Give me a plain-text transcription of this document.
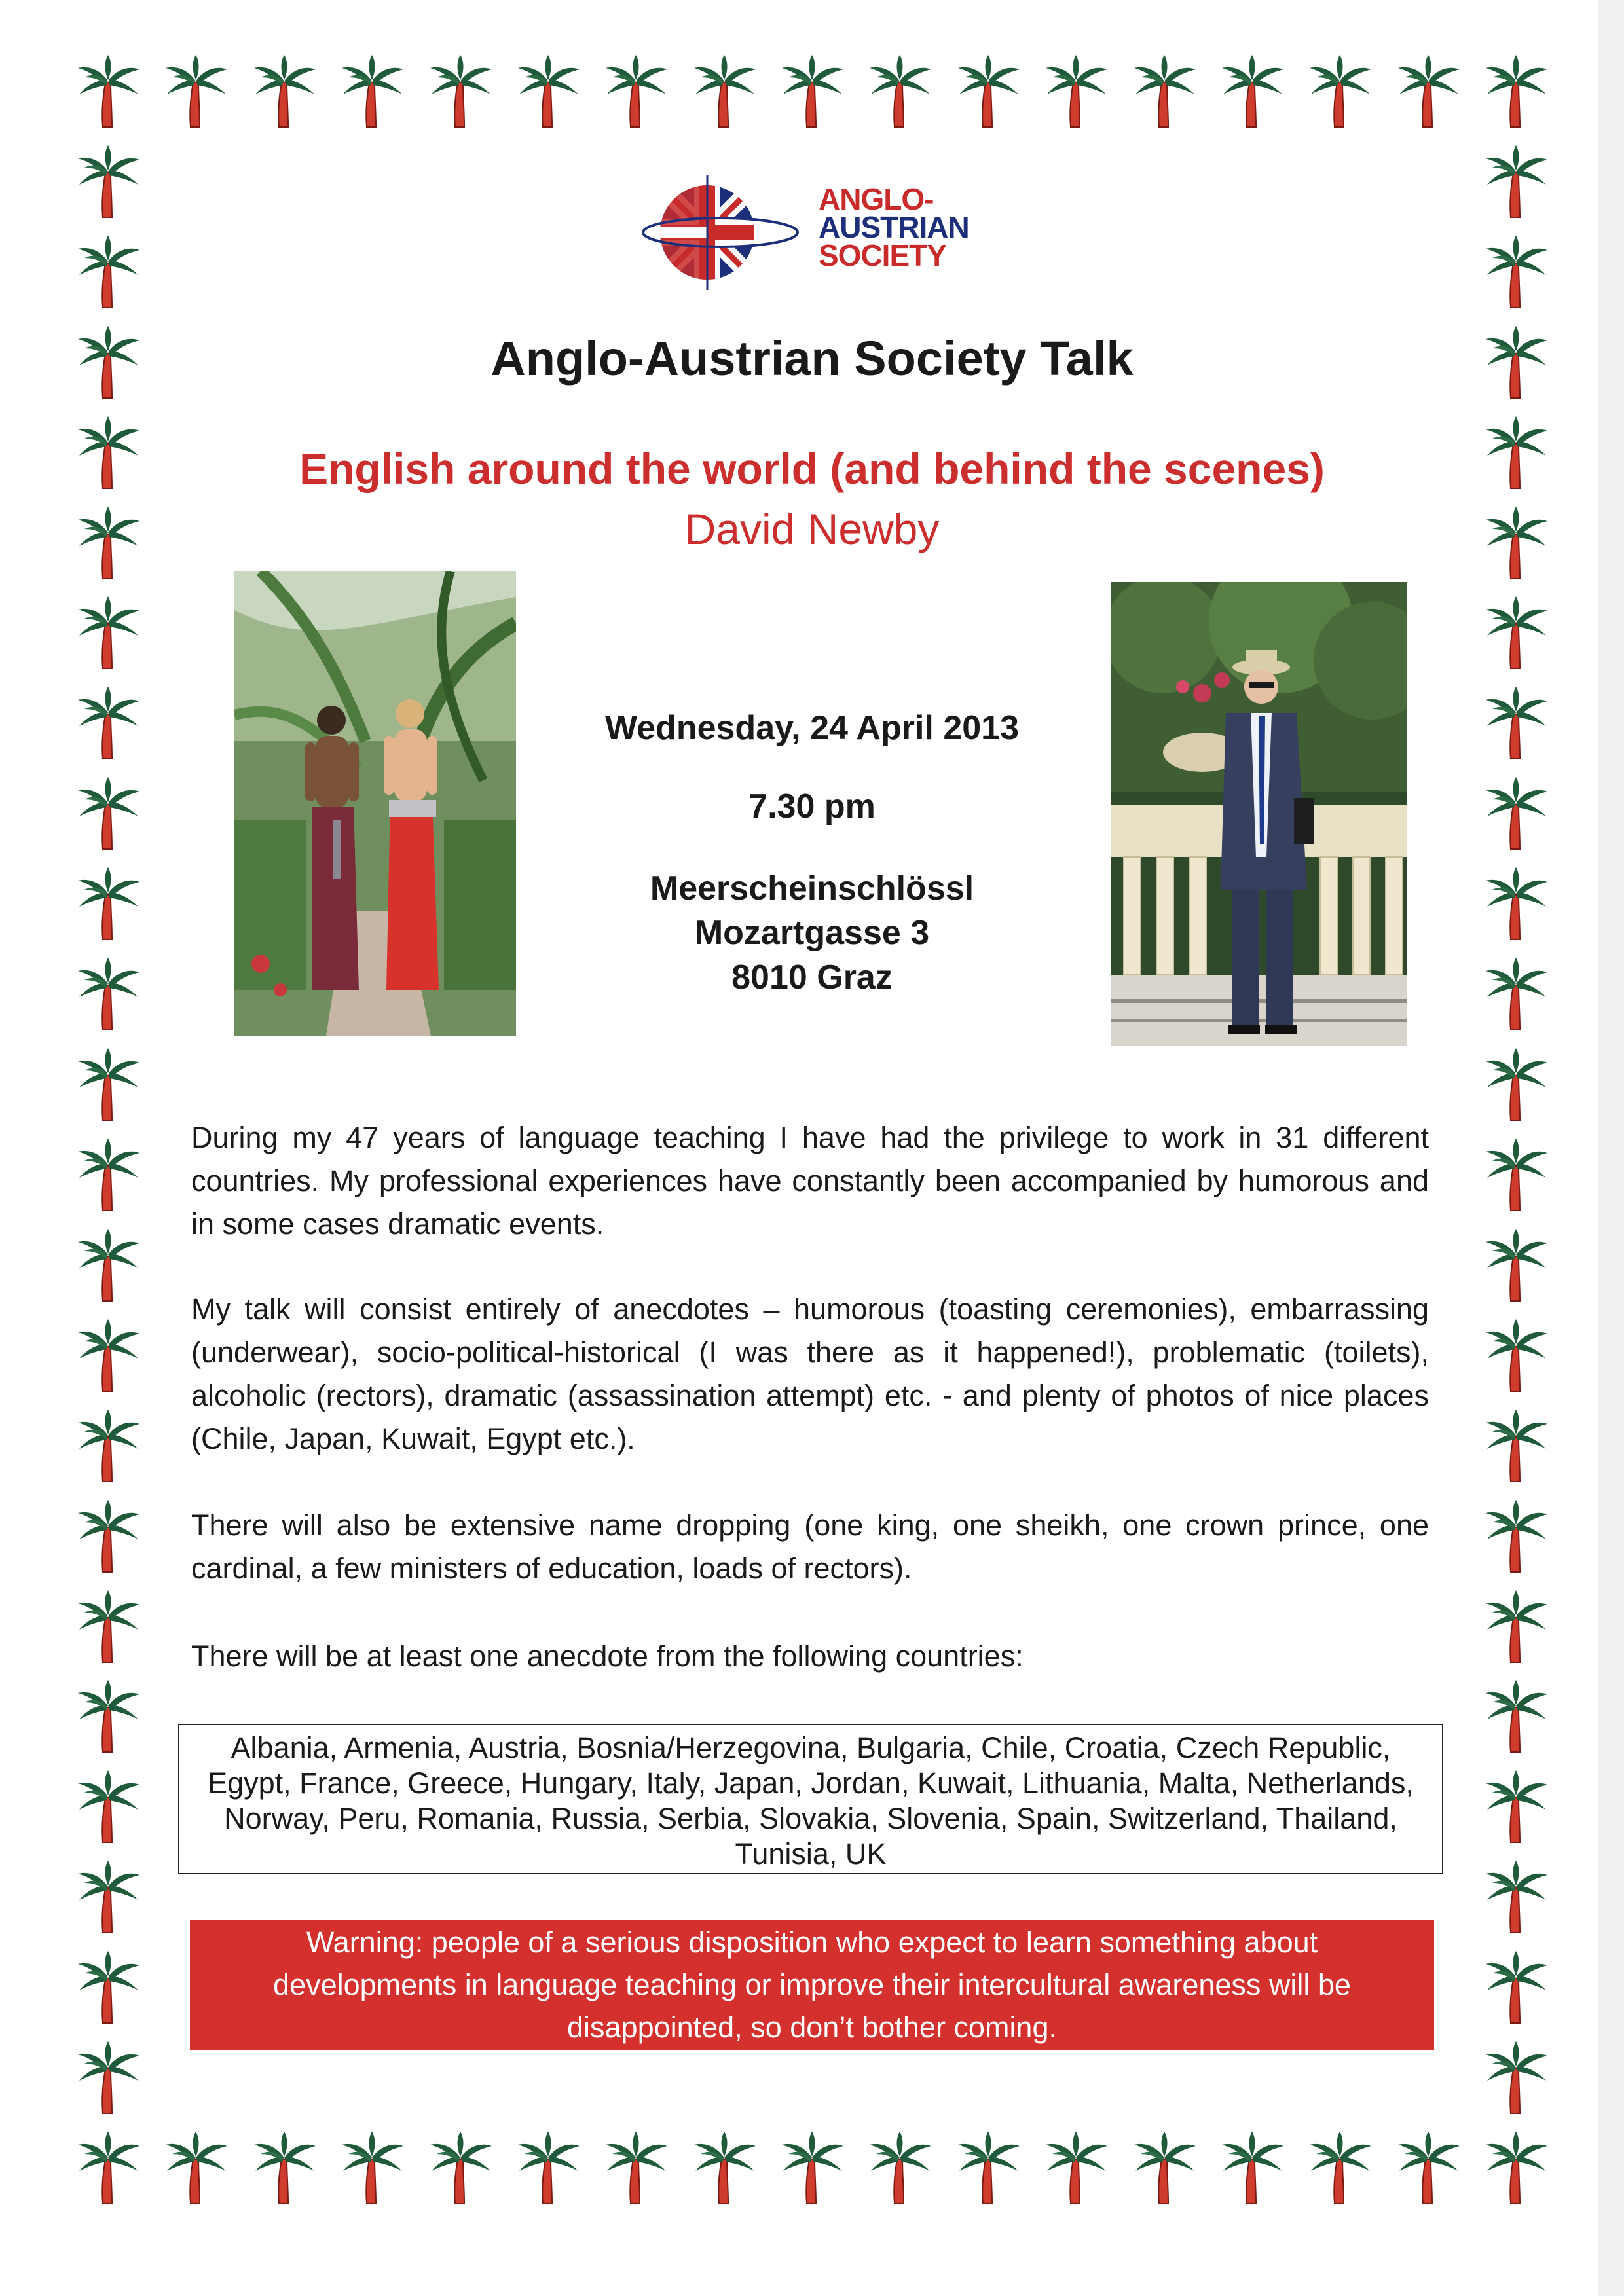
ANGLO-
AUSTRIAN
SOCIETY
Anglo-Austrian Society Talk
English around the world (and behind the scenes)
David Newby
Wednesday, 24 April 2013
7.30 pm
Meerscheinschlössl
Mozartgasse 3
8010 Graz
During my 47 years of language teaching I have had the privilege to work in 31 different countries. My professional experiences have constantly been accompanied by humorous and in some cases dramatic events.
My talk will consist entirely of anecdotes – humorous (toasting ceremonies), embarrassing (underwear), socio-political-historical (I was there as it happened!), problematic (toilets), alcoholic (rectors), dramatic (assassination attempt) etc. - and plenty of photos of nice places (Chile, Japan, Kuwait, Egypt etc.).
There will also be extensive name dropping (one king, one sheikh, one crown prince, one cardinal, a few ministers of education, loads of rectors).
There will be at least one anecdote from the following countries:
Albania, Armenia, Austria, Bosnia/Herzegovina, Bulgaria, Chile, Croatia, Czech Republic, Egypt, France, Greece, Hungary, Italy, Japan, Jordan, Kuwait, Lithuania, Malta, Netherlands, Norway, Peru, Romania, Russia, Serbia, Slovakia, Slovenia, Spain, Switzerland, Thailand, Tunisia, UK
Warning: people of a serious disposition who expect to learn something about developments in language teaching or improve their intercultural awareness will be disappointed, so don’t bother coming.
